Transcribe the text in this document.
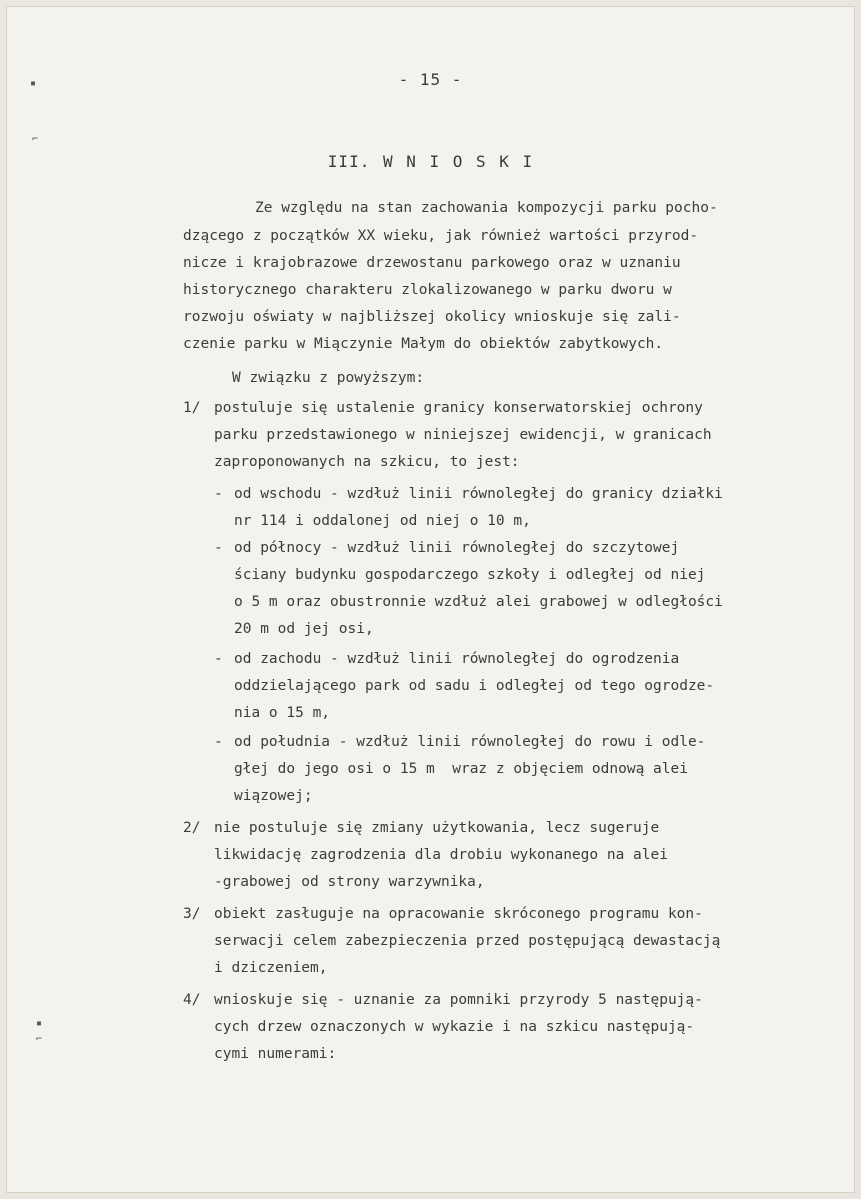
▪
⌐
▪
⌐
- 15 -
III. W N I O S K I
Ze względu na stan zachowania kompozycji parku pocho-
dzącego z początków XX wieku, jak również wartości przyrod-
nicze i krajobrazowe drzewostanu parkowego oraz w uznaniu
historycznego charakteru zlokalizowanego w parku dworu w
rozwoju oświaty w najbliższej okolicy wnioskuje się zali-
czenie parku w Miączynie Małym do obiektów zabytkowych.
W związku z powyższym:
1/ postuluje się ustalenie granicy konserwatorskiej ochrony
parku przedstawionego w niniejszej ewidencji, w granicach
zaproponowanych na szkicu, to jest:
- od wschodu - wzdłuż linii równoległej do granicy działki
nr 114 i oddalonej od niej o 10 m,
- od północy - wzdłuż linii równoległej do szczytowej
ściany budynku gospodarczego szkoły i odległej od niej
o 5 m oraz obustronnie wzdłuż alei grabowej w odległości
20 m od jej osi,
- od zachodu - wzdłuż linii równoległej do ogrodzenia
oddzielającego park od sadu i odległej od tego ogrodze-
nia o 15 m,
- od południa - wzdłuż linii równoległej do rowu i odle-
głej do jego osi o 15 m  wraz z objęciem odnową alei
wiązowej;
2/ nie postuluje się zmiany użytkowania, lecz sugeruje
likwidację zagrodzenia dla drobiu wykonanego na alei
-grabowej od strony warzywnika,
3/ obiekt zasługuje na opracowanie skróconego programu kon-
serwacji celem zabezpieczenia przed postępującą dewastacją
i dziczeniem,
4/ wnioskuje się - uznanie za pomniki przyrody 5 następują-
cych drzew oznaczonych w wykazie i na szkicu następują-
cymi numerami:
